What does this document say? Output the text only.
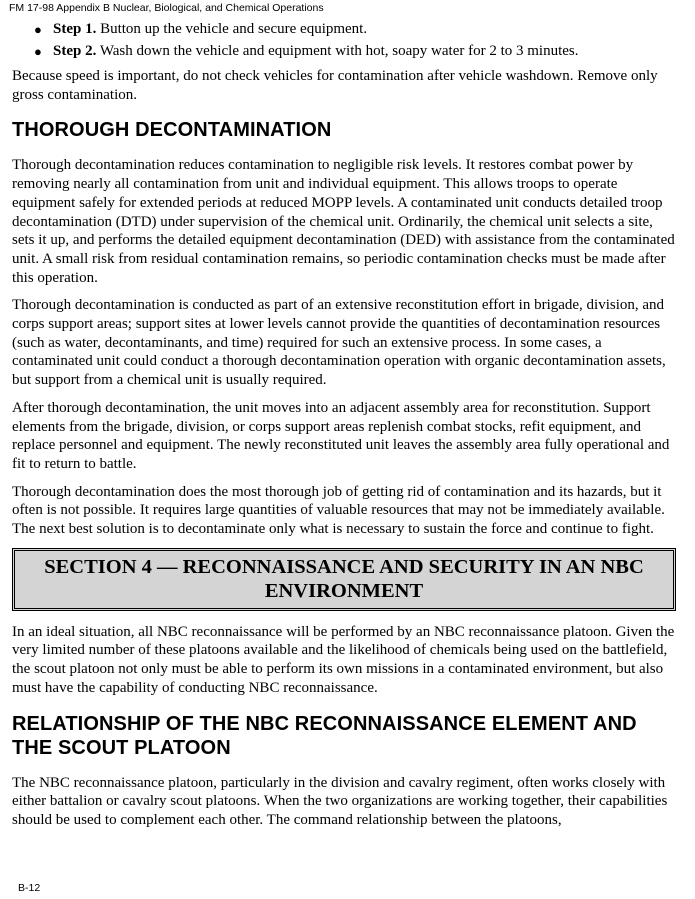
FM 17-98 Appendix B Nuclear, Biological, and Chemical Operations
● Step 1. Button up the vehicle and secure equipment.
● Step 2. Wash down the vehicle and equipment with hot, soapy water for 2 to 3 minutes.

Because speed is important, do not check vehicles for contamination after vehicle washdown. Remove only gross contamination.

THOROUGH DECONTAMINATION

Thorough decontamination reduces contamination to negligible risk levels. It restores combat power by removing nearly all contamination from unit and individual equipment. This allows troops to operate equipment safely for extended periods at reduced MOPP levels. A contaminated unit conducts detailed troop decontamination (DTD) under supervision of the chemical unit. Ordinarily, the chemical unit selects a site, sets it up, and performs the detailed equipment decontamination (DED) with assistance from the contaminated unit. A small risk from residual contamination remains, so periodic contamination checks must be made after this operation.

Thorough decontamination is conducted as part of an extensive reconstitution effort in brigade, division, and corps support areas; support sites at lower levels cannot provide the quantities of decontamination resources (such as water, decontaminants, and time) required for such an extensive process. In some cases, a contaminated unit could conduct a thorough decontamination operation with organic decontamination assets, but support from a chemical unit is usually required.

After thorough decontamination, the unit moves into an adjacent assembly area for reconstitution. Support elements from the brigade, division, or corps support areas replenish combat stocks, refit equipment, and replace personnel and equipment. The newly reconstituted unit leaves the assembly area fully operational and fit to return to battle.

Thorough decontamination does the most thorough job of getting rid of contamination and its hazards, but it often is not possible. It requires large quantities of valuable resources that may not be immediately available. The next best solution is to decontaminate only what is necessary to sustain the force and continue to fight.

SECTION 4 — RECONNAISSANCE AND SECURITY IN AN NBC ENVIRONMENT

In an ideal situation, all NBC reconnaissance will be performed by an NBC reconnaissance platoon. Given the very limited number of these platoons available and the likelihood of chemicals being used on the battlefield, the scout platoon not only must be able to perform its own missions in a contaminated environment, but also must have the capability of conducting NBC reconnaissance.

RELATIONSHIP OF THE NBC RECONNAISSANCE ELEMENT AND THE SCOUT PLATOON

The NBC reconnaissance platoon, particularly in the division and cavalry regiment, often works closely with either battalion or cavalry scout platoons. When the two organizations are working together, their capabilities should be used to complement each other. The command relationship between the platoons,

B-12
